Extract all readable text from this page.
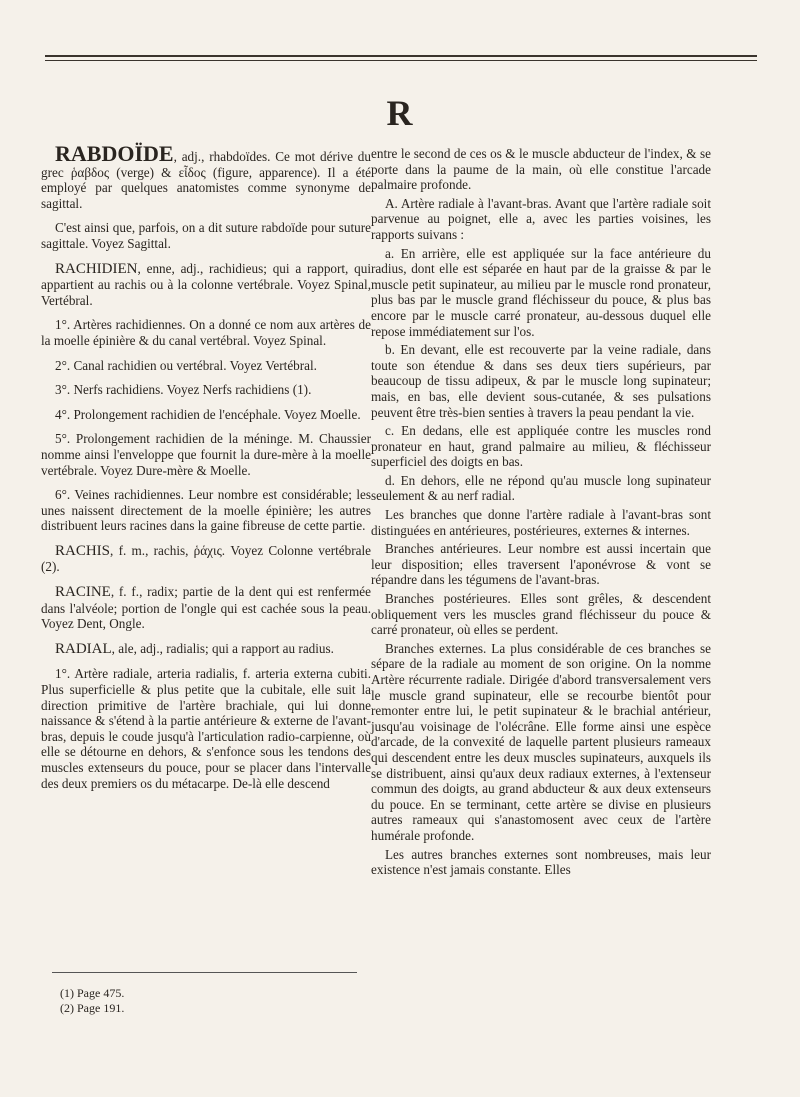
R

RABDOÏDE, adj., rhabdoïdes. Ce mot dérive du grec ῥαβδος (verge) & εἶδος (figure, apparence). Il a été employé par quelques anatomistes comme synonyme de sagittal.

C'est ainsi que, parfois, on a dit suture rabdoïde pour suture sagittale. Voyez Sagittal.

RACHIDIEN, enne, adj., rachidieus; qui a rapport, qui appartient au rachis ou à la colonne vertébrale. Voyez Spinal, Vertébral.

1°. Artères rachidiennes. On a donné ce nom aux artères de la moelle épinière & du canal vertébral. Voyez Spinal.

2°. Canal rachidien ou vertébral. Voyez Vertébral.

3°. Nerfs rachidiens. Voyez Nerfs rachidiens (1).

4°. Prolongement rachidien de l'encéphale. Voyez Moelle.

5°. Prolongement rachidien de la méninge. M. Chaussier nomme ainsi l'enveloppe que fournit la dure-mère à la moelle vertébrale. Voyez Dure-mère & Moelle.

6°. Veines rachidiennes. Leur nombre est considérable; les unes naissent directement de la moelle épinière; les autres distribuent leurs racines dans la gaine fibreuse de cette partie.

RACHIS, f. m., rachis, ῥάχις. Voyez Colonne vertébrale (2).

RACINE, f. f., radix; partie de la dent qui est renfermée dans l'alvéole; portion de l'ongle qui est cachée sous la peau. Voyez Dent, Ongle.

RADIAL, ale, adj., radialis; qui a rapport au radius.

1°. Artère radiale, arteria radialis, f. arteria externa cubiti. Plus superficielle & plus petite que la cubitale, elle suit la direction primitive de l'artère brachiale, qui lui donne naissance & s'étend à la partie antérieure & externe de l'avant-bras, depuis le coude jusqu'à l'articulation radio-carpienne, où elle se détourne en dehors, & s'enfonce sous les tendons des muscles extenseurs du pouce, pour se placer dans l'intervalle des deux premiers os du métacarpe. De-là elle descend

entre le second de ces os & le muscle abducteur de l'index, & se porte dans la paume de la main, où elle constitue l'arcade palmaire profonde.

A. Artère radiale à l'avant-bras. Avant que l'artère radiale soit parvenue au poignet, elle a, avec les parties voisines, les rapports suivans :

a. En arrière, elle est appliquée sur la face antérieure du radius, dont elle est séparée en haut par de la graisse & par le muscle petit supinateur, au milieu par le muscle rond pronateur, plus bas par le muscle grand fléchisseur du pouce, & plus bas encore par le muscle carré pronateur, au-dessous duquel elle repose immédiatement sur l'os.

b. En devant, elle est recouverte par la veine radiale, dans toute son étendue & dans ses deux tiers supérieurs, par beaucoup de tissu adipeux, & par le muscle long supinateur; mais, en bas, elle devient sous-cutanée, & ses pulsations peuvent être très-bien senties à travers la peau pendant la vie.

c. En dedans, elle est appliquée contre les muscles rond pronateur en haut, grand palmaire au milieu, & fléchisseur superficiel des doigts en bas.

d. En dehors, elle ne répond qu'au muscle long supinateur seulement & au nerf radial.

Les branches que donne l'artère radiale à l'avant-bras sont distinguées en antérieures, postérieures, externes & internes.

Branches antérieures. Leur nombre est aussi incertain que leur disposition; elles traversent l'aponévrose & vont se répandre dans les tégumens de l'avant-bras.

Branches postérieures. Elles sont grêles, & descendent obliquement vers les muscles grand fléchisseur du pouce & carré pronateur, où elles se perdent.

Branches externes. La plus considérable de ces branches se sépare de la radiale au moment de son origine. On la nomme Artère récurrente radiale. Dirigée d'abord transversalement vers le muscle grand supinateur, elle se recourbe bientôt pour remonter entre lui, le petit supinateur & le brachial antérieur, jusqu'au voisinage de l'olécrâne. Elle forme ainsi une espèce d'arcade, de la convexité de laquelle partent plusieurs rameaux qui descendent entre les deux muscles supinateurs, auxquels ils se distribuent, ainsi qu'aux deux radiaux externes, à l'extenseur commun des doigts, au grand abducteur & aux deux extenseurs du pouce. En se terminant, cette artère se divise en plusieurs autres rameaux qui s'anastomosent avec ceux de l'artère humérale profonde.

Les autres branches externes sont nombreuses, mais leur existence n'est jamais constante. Elles

(1) Page 475.
(2) Page 191.
